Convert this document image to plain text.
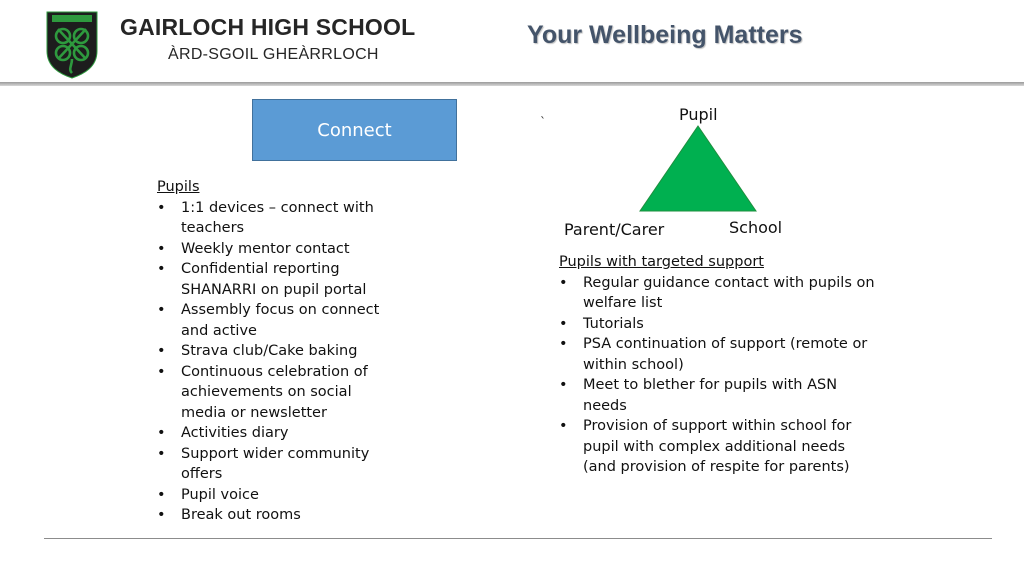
GAIRLOCH HIGH SCHOOL
ÀRD-SGOIL GHEÀRRLOCH
Your Wellbeing Matters
Connect	`	Pupil
Parent/Carer	School
Pupils
• 1:1 devices – connect with teachers
• Weekly mentor contact
• Confidential reporting SHANARRI on pupil portal
• Assembly focus on connect and active
• Strava club/Cake baking
• Continuous celebration of achievements on social media or newsletter
• Activities diary
• Support wider community offers
• Pupil voice
• Break out rooms
Pupils with targeted support
• Regular guidance contact with pupils on welfare list
• Tutorials
• PSA continuation of support (remote or within school)
• Meet to blether for pupils with ASN needs
• Provision of support within school for pupil with complex additional needs (and provision of respite for parents)
